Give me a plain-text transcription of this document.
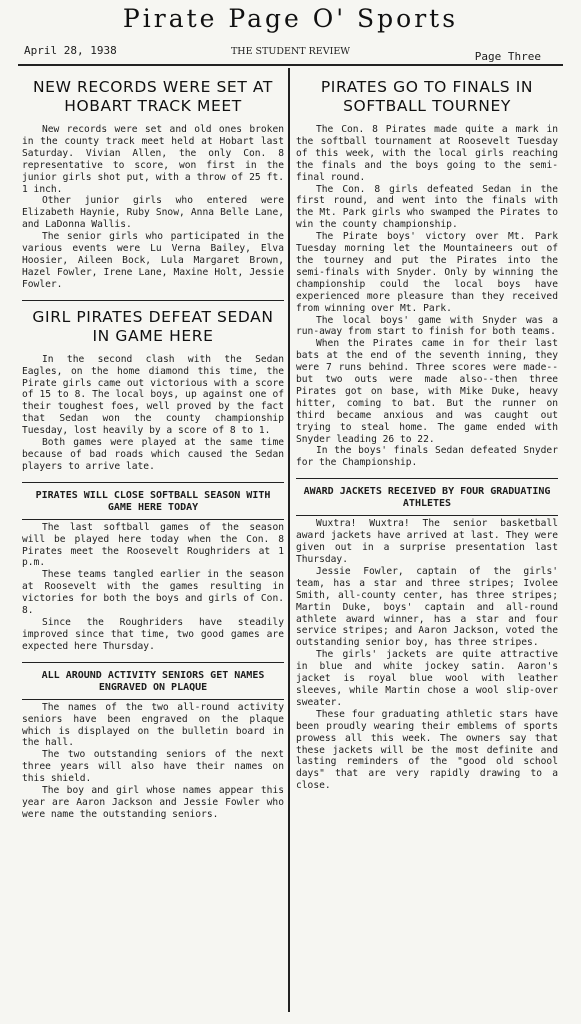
Pirate Page O' Sports
April 28, 1938	THE STUDENT REVIEW	Page Three
NEW RECORDS WERE SET AT HOBART TRACK MEET

New records were set and old ones broken in the county track meet held at Hobart last Saturday. Vivian Allen, the only Con. 8 representative to score, won first in the junior girls shot put, with a throw of 25 ft. 1 inch.

Other junior girls who entered were Elizabeth Haynie, Ruby Snow, Anna Belle Lane, and LaDonna Wallis.

The senior girls who participated in the various events were Lu Verna Bailey, Elva Hoosier, Aileen Bock, Lula Margaret Brown, Hazel Fowler, Irene Lane, Maxine Holt, Jessie Fowler.

GIRL PIRATES DEFEAT SEDAN IN GAME HERE

In the second clash with the Sedan Eagles, on the home diamond this time, the Pirate girls came out victorious with a score of 15 to 8. The local boys, up against one of their toughest foes, well proved by the fact that Sedan won the county championship Tuesday, lost heavily by a score of 8 to 1.

Both games were played at the same time because of bad roads which caused the Sedan players to arrive late.

PIRATES WILL CLOSE SOFTBALL SEASON WITH GAME HERE TODAY

The last softball games of the season will be played here today when the Con. 8 Pirates meet the Roosevelt Roughriders at 1 p.m.

These teams tangled earlier in the season at Roosevelt with the games resulting in victories for both the boys and girls of Con. 8.

Since the Roughriders have steadily improved since that time, two good games are expected here Thursday.

ALL AROUND ACTIVITY SENIORS GET NAMES ENGRAVED ON PLAQUE

The names of the two all-round activity seniors have been engraved on the plaque which is displayed on the bulletin board in the hall.

The two outstanding seniors of the next three years will also have their names on this shield.

The boy and girl whose names appear this year are Aaron Jackson and Jessie Fowler who were name the outstanding seniors.

PIRATES GO TO FINALS IN SOFTBALL TOURNEY

The Con. 8 Pirates made quite a mark in the softball tournament at Roosevelt Tuesday of this week, with the local girls reaching the finals and the boys going to the semi-final round.

The Con. 8 girls defeated Sedan in the first round, and went into the finals with the Mt. Park girls who swamped the Pirates to win the county championship.

The Pirate boys' victory over Mt. Park Tuesday morning let the Mountaineers out of the tourney and put the Pirates into the semi-finals with Snyder. Only by winning the championship could the local boys have experienced more pleasure than they received from winning over Mt. Park.

The local boys' game with Snyder was a run-away from start to finish for both teams.

When the Pirates came in for their last bats at the end of the seventh inning, they were 7 runs behind. Three scores were made--but two outs were made also--then three Pirates got on base, with Mike Duke, heavy hitter, coming to bat. But the runner on third became anxious and was caught out trying to steal home. The game ended with Snyder leading 26 to 22.

In the boys' finals Sedan defeated Snyder for the Championship.

AWARD JACKETS RECEIVED BY FOUR GRADUATING ATHLETES

Wuxtra! Wuxtra! The senior basketball award jackets have arrived at last. They were given out in a surprise presentation last Thursday.

Jessie Fowler, captain of the girls' team, has a star and three stripes; Ivolee Smith, all-county center, has three stripes; Martin Duke, boys' captain and all-round athlete award winner, has a star and four service stripes; and Aaron Jackson, voted the outstanding senior boy, has three stripes.

The girls' jackets are quite attractive in blue and white jockey satin. Aaron's jacket is royal blue wool with leather sleeves, while Martin chose a wool slip-over sweater.

These four graduating athletic stars have been proudly wearing their emblems of sports prowess all this week. The owners say that these jackets will be the most definite and lasting reminders of the "good old school days" that are very rapidly drawing to a close.
